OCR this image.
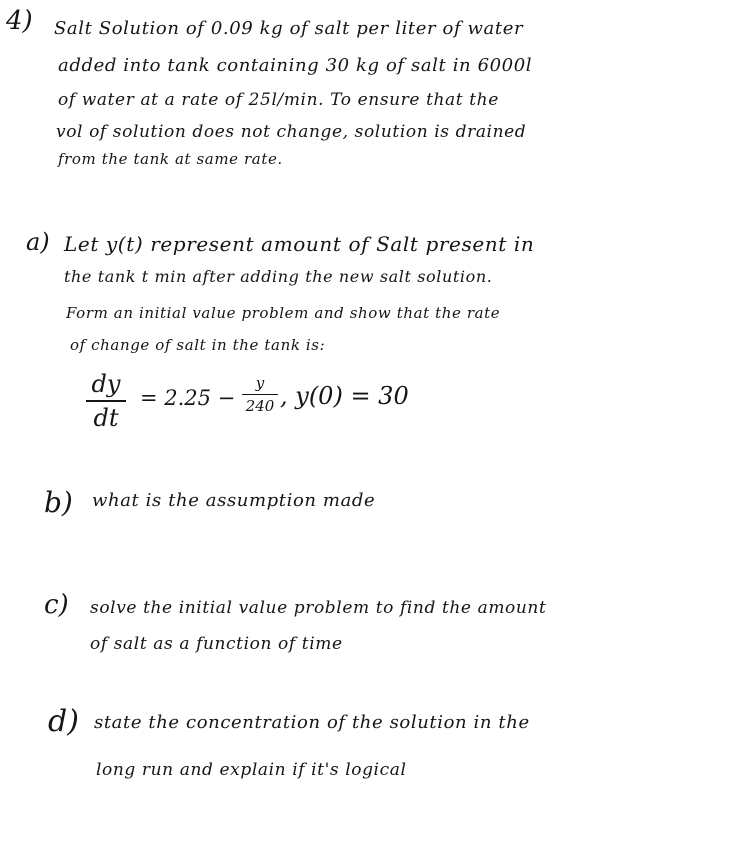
4) Salt Solution of 0.09 kg of salt per liter of water
added into tank containing 30 kg of salt in 6000l
of water at a rate of 25l/min. To ensure that the
vol of solution does not change, solution is drained
from the tank at same rate.
a) Let y(t) represent amount of Salt present in
the tank t min after adding the new salt solution.
Form an initial value problem and show that the rate
of change of salt in the tank is:
dy
dt
= 2.25 −
y
240 , y(0) = 30
b) what is the assumption made
c) solve the initial value problem to find the amount
of salt as a function of time
d) state the concentration of the solution in the
long run and explain if it's logical
